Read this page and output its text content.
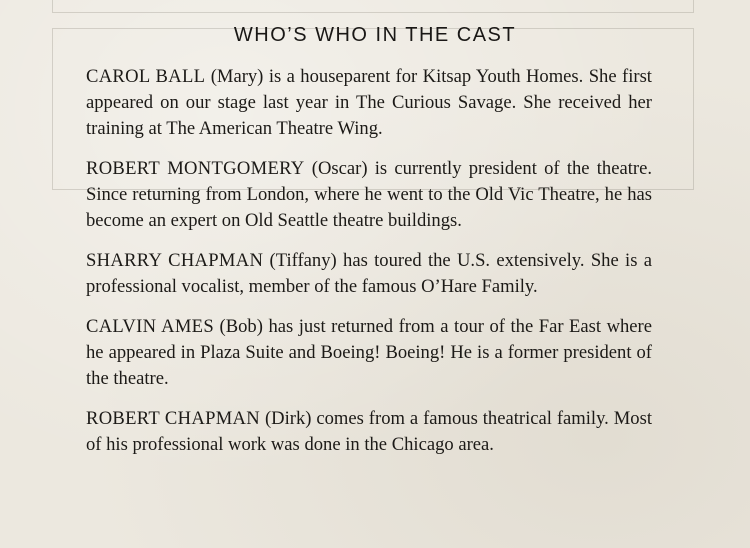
WHO’S WHO IN THE CAST

CAROL BALL (Mary) is a houseparent for Kitsap Youth Homes. She first appeared on our stage last year in The Curious Savage. She received her training at The American Theatre Wing.

ROBERT MONTGOMERY (Oscar) is currently president of the theatre. Since returning from London, where he went to the Old Vic Theatre, he has become an expert on Old Seattle theatre buildings.

SHARRY CHAPMAN (Tiffany) has toured the U.S. extensively. She is a professional vocalist, member of the famous O’Hare Family.

CALVIN AMES (Bob) has just returned from a tour of the Far East where he appeared in Plaza Suite and Boeing! Boeing! He is a former president of the theatre.

ROBERT CHAPMAN (Dirk) comes from a famous theatrical family. Most of his professional work was done in the Chicago area.
